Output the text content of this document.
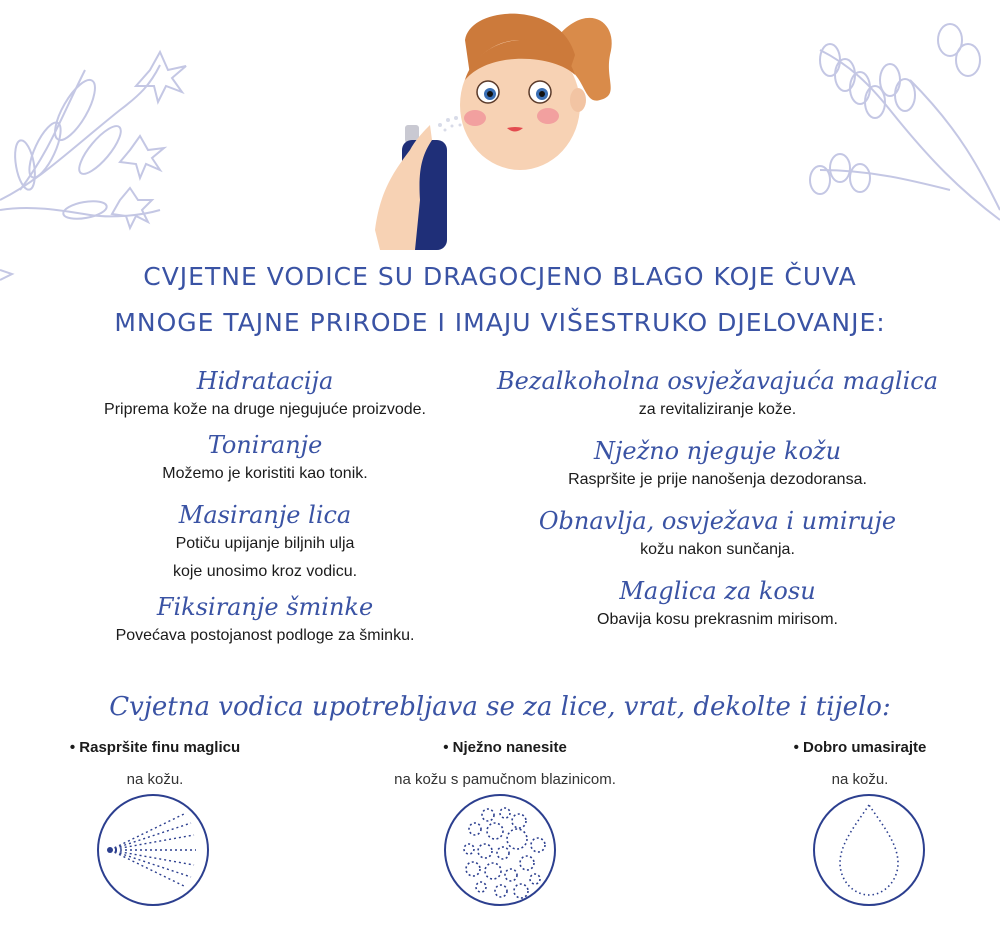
CVJETNE VODICE SU DRAGOCJENO BLAGO KOJE ČUVA
MNOGE TAJNE PRIRODE I IMAJU VIŠESTRUKO DJELOVANJE:
Hidratacija
Priprema kože na druge njegujuće proizvode.
Toniranje
Možemo je koristiti kao tonik.
Masiranje lica
Potiču upijanje biljnih ulja
koje unosimo kroz vodicu.
Fiksiranje šminke
Povećava postojanost podloge za šminku.
Bezalkoholna osvježavajuća maglica
za revitaliziranje kože.
Nježno njeguje kožu
Raspršite je prije nanošenja dezodoransa.
Obnavlja, osvježava i umiruje
kožu nakon sunčanja.
Maglica za kosu
Obavija kosu prekrasnim mirisom.
Cvjetna vodica upotrebljava se za lice, vrat, dekolte i tijelo:
• Raspršite finu maglicu
na kožu.
• Nježno nanesite
na kožu s pamučnom blazinicom.
• Dobro umasirajte
na kožu.
